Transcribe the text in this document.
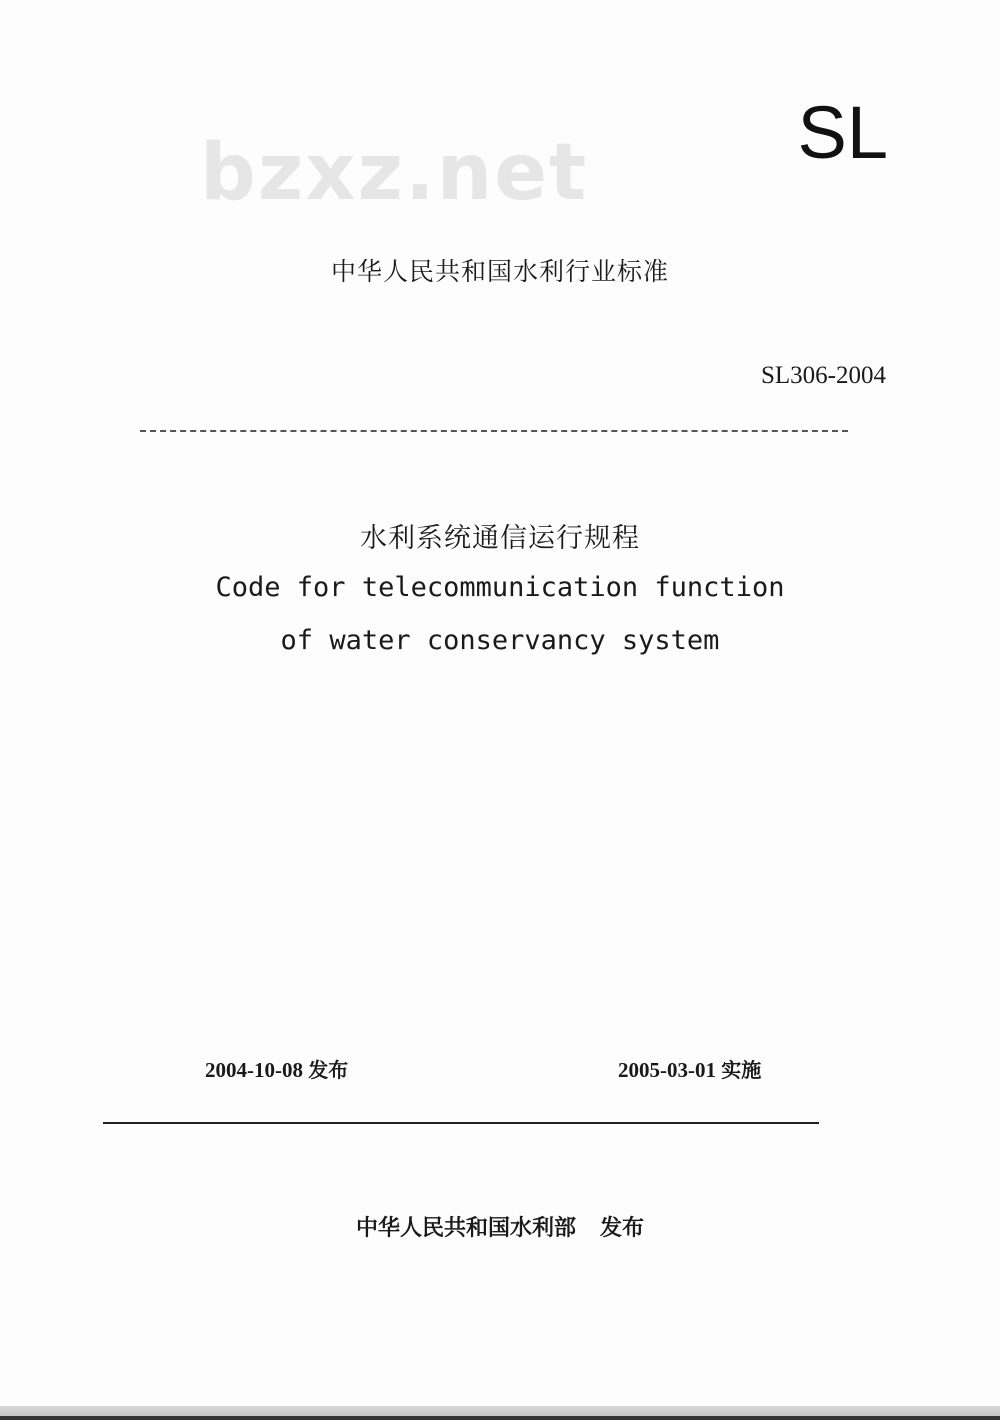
bzxz.net	SL
中华人民共和国水利行业标准
SL306-2004
水利系统通信运行规程
Code for telecommunication function
of water conservancy system
2004-10-08 发布	2005-03-01 实施
中华人民共和国水利部 发布
